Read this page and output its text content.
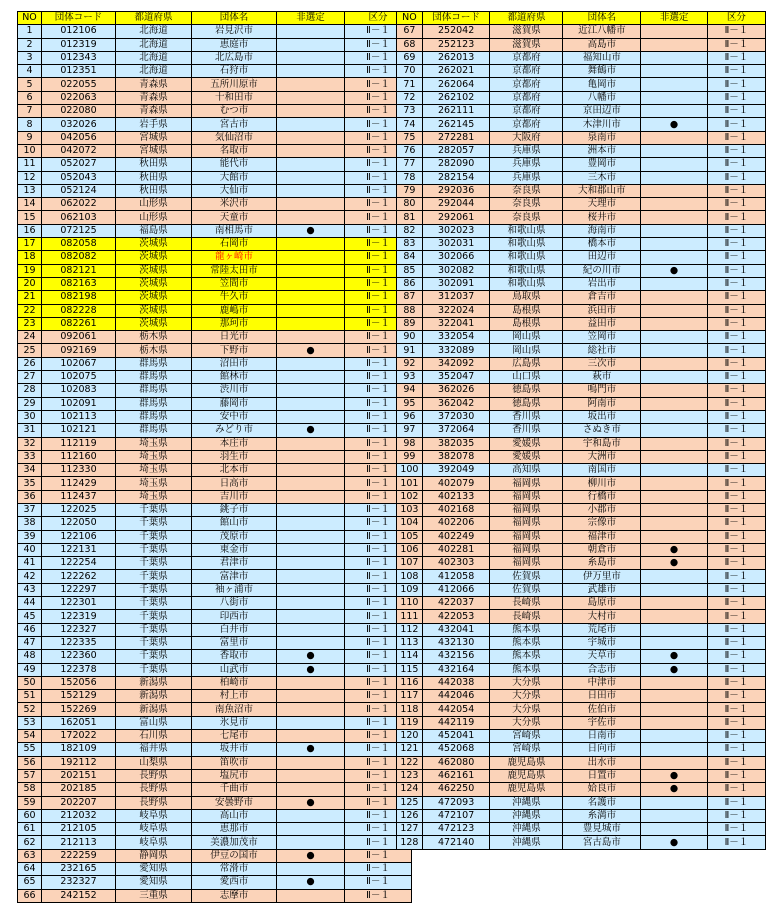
NO	団体コード	都道府県	団体名	非選定	区分
1	012106	北海道	岩見沢市		Ⅱ－１
2	012319	北海道	恵庭市		Ⅱ－１
3	012343	北海道	北広島市		Ⅱ－１
4	012351	北海道	石狩市		Ⅱ－１
5	022055	青森県	五所川原市		Ⅱ－１
6	022063	青森県	十和田市		Ⅱ－１
7	022080	青森県	むつ市		Ⅱ－１
8	032026	岩手県	宮古市		Ⅱ－１
9	042056	宮城県	気仙沼市		Ⅱ－１
10	042072	宮城県	名取市		Ⅱ－１
11	052027	秋田県	能代市		Ⅱ－１
12	052043	秋田県	大館市		Ⅱ－１
13	052124	秋田県	大仙市		Ⅱ－１
14	062022	山形県	米沢市		Ⅱ－１
15	062103	山形県	天童市		Ⅱ－１
16	072125	福島県	南相馬市	●	Ⅱ－１
17	082058	茨城県	石岡市		Ⅱ－１
18	082082	茨城県	龍ヶ崎市		Ⅱ－１
19	082121	茨城県	常陸太田市		Ⅱ－１
20	082163	茨城県	笠間市		Ⅱ－１
21	082198	茨城県	牛久市		Ⅱ－１
22	082228	茨城県	鹿嶋市		Ⅱ－１
23	082261	茨城県	那珂市		Ⅱ－１
24	092061	栃木県	日光市		Ⅱ－１
25	092169	栃木県	下野市	●	Ⅱ－１
26	102067	群馬県	沼田市		Ⅱ－１
27	102075	群馬県	館林市		Ⅱ－１
28	102083	群馬県	渋川市		Ⅱ－１
29	102091	群馬県	藤岡市		Ⅱ－１
30	102113	群馬県	安中市		Ⅱ－１
31	102121	群馬県	みどり市	●	Ⅱ－１
32	112119	埼玉県	本庄市		Ⅱ－１
33	112160	埼玉県	羽生市		Ⅱ－１
34	112330	埼玉県	北本市		Ⅱ－１
35	112429	埼玉県	日高市		Ⅱ－１
36	112437	埼玉県	吉川市		Ⅱ－１
37	122025	千葉県	銚子市		Ⅱ－１
38	122050	千葉県	館山市		Ⅱ－１
39	122106	千葉県	茂原市		Ⅱ－１
40	122131	千葉県	東金市		Ⅱ－１
41	122254	千葉県	君津市		Ⅱ－１
42	122262	千葉県	富津市		Ⅱ－１
43	122297	千葉県	袖ヶ浦市		Ⅱ－１
44	122301	千葉県	八街市		Ⅱ－１
45	122319	千葉県	印西市		Ⅱ－１
46	122327	千葉県	白井市		Ⅱ－１
47	122335	千葉県	富里市		Ⅱ－１
48	122360	千葉県	香取市	●	Ⅱ－１
49	122378	千葉県	山武市	●	Ⅱ－１
50	152056	新潟県	柏崎市		Ⅱ－１
51	152129	新潟県	村上市		Ⅱ－１
52	152269	新潟県	南魚沼市		Ⅱ－１
53	162051	富山県	氷見市		Ⅱ－１
54	172022	石川県	七尾市		Ⅱ－１
55	182109	福井県	坂井市	●	Ⅱ－１
56	192112	山梨県	笛吹市		Ⅱ－１
57	202151	長野県	塩尻市		Ⅱ－１
58	202185	長野県	千曲市		Ⅱ－１
59	202207	長野県	安曇野市	●	Ⅱ－１
60	212032	岐阜県	高山市		Ⅱ－１
61	212105	岐阜県	恵那市		Ⅱ－１
62	212113	岐阜県	美濃加茂市		Ⅱ－１
63	222259	静岡県	伊豆の国市	●	Ⅱ－１
64	232165	愛知県	常滑市		Ⅱ－１
65	232327	愛知県	愛西市	●	Ⅱ－１
66	242152	三重県	志摩市		Ⅱ－１
NO	団体コード	都道府県	団体名	非選定	区分
67	252042	滋賀県	近江八幡市		Ⅱ－１
68	252123	滋賀県	高島市		Ⅱ－１
69	262013	京都府	福知山市		Ⅱ－１
70	262021	京都府	舞鶴市		Ⅱ－１
71	262064	京都府	亀岡市		Ⅱ－１
72	262102	京都府	八幡市		Ⅱ－１
73	262111	京都府	京田辺市		Ⅱ－１
74	262145	京都府	木津川市	●	Ⅱ－１
75	272281	大阪府	泉南市		Ⅱ－１
76	282057	兵庫県	洲本市		Ⅱ－１
77	282090	兵庫県	豊岡市		Ⅱ－１
78	282154	兵庫県	三木市		Ⅱ－１
79	292036	奈良県	大和郡山市		Ⅱ－１
80	292044	奈良県	天理市		Ⅱ－１
81	292061	奈良県	桜井市		Ⅱ－１
82	302023	和歌山県	海南市		Ⅱ－１
83	302031	和歌山県	橋本市		Ⅱ－１
84	302066	和歌山県	田辺市		Ⅱ－１
85	302082	和歌山県	紀の川市	●	Ⅱ－１
86	302091	和歌山県	岩出市		Ⅱ－１
87	312037	鳥取県	倉吉市		Ⅱ－１
88	322024	島根県	浜田市		Ⅱ－１
89	322041	島根県	益田市		Ⅱ－１
90	332054	岡山県	笠岡市		Ⅱ－１
91	332089	岡山県	総社市		Ⅱ－１
92	342092	広島県	三次市		Ⅱ－１
93	352047	山口県	萩市		Ⅱ－１
94	362026	徳島県	鳴門市		Ⅱ－１
95	362042	徳島県	阿南市		Ⅱ－１
96	372030	香川県	坂出市		Ⅱ－１
97	372064	香川県	さぬき市		Ⅱ－１
98	382035	愛媛県	宇和島市		Ⅱ－１
99	382078	愛媛県	大洲市		Ⅱ－１
100	392049	高知県	南国市		Ⅱ－１
101	402079	福岡県	柳川市		Ⅱ－１
102	402133	福岡県	行橋市		Ⅱ－１
103	402168	福岡県	小郡市		Ⅱ－１
104	402206	福岡県	宗像市		Ⅱ－１
105	402249	福岡県	福津市		Ⅱ－１
106	402281	福岡県	朝倉市	●	Ⅱ－１
107	402303	福岡県	糸島市	●	Ⅱ－１
108	412058	佐賀県	伊万里市		Ⅱ－１
109	412066	佐賀県	武雄市		Ⅱ－１
110	422037	長崎県	島原市		Ⅱ－１
111	422053	長崎県	大村市		Ⅱ－１
112	432041	熊本県	荒尾市		Ⅱ－１
113	432130	熊本県	宇城市		Ⅱ－１
114	432156	熊本県	天草市	●	Ⅱ－１
115	432164	熊本県	合志市	●	Ⅱ－１
116	442038	大分県	中津市		Ⅱ－１
117	442046	大分県	日田市		Ⅱ－１
118	442054	大分県	佐伯市		Ⅱ－１
119	442119	大分県	宇佐市		Ⅱ－１
120	452041	宮崎県	日南市		Ⅱ－１
121	452068	宮崎県	日向市		Ⅱ－１
122	462080	鹿児島県	出水市		Ⅱ－１
123	462161	鹿児島県	日置市	●	Ⅱ－１
124	462250	鹿児島県	姶良市	●	Ⅱ－１
125	472093	沖縄県	名護市		Ⅱ－１
126	472107	沖縄県	糸満市		Ⅱ－１
127	472123	沖縄県	豊見城市		Ⅱ－１
128	472140	沖縄県	宮古島市	●	Ⅱ－１
